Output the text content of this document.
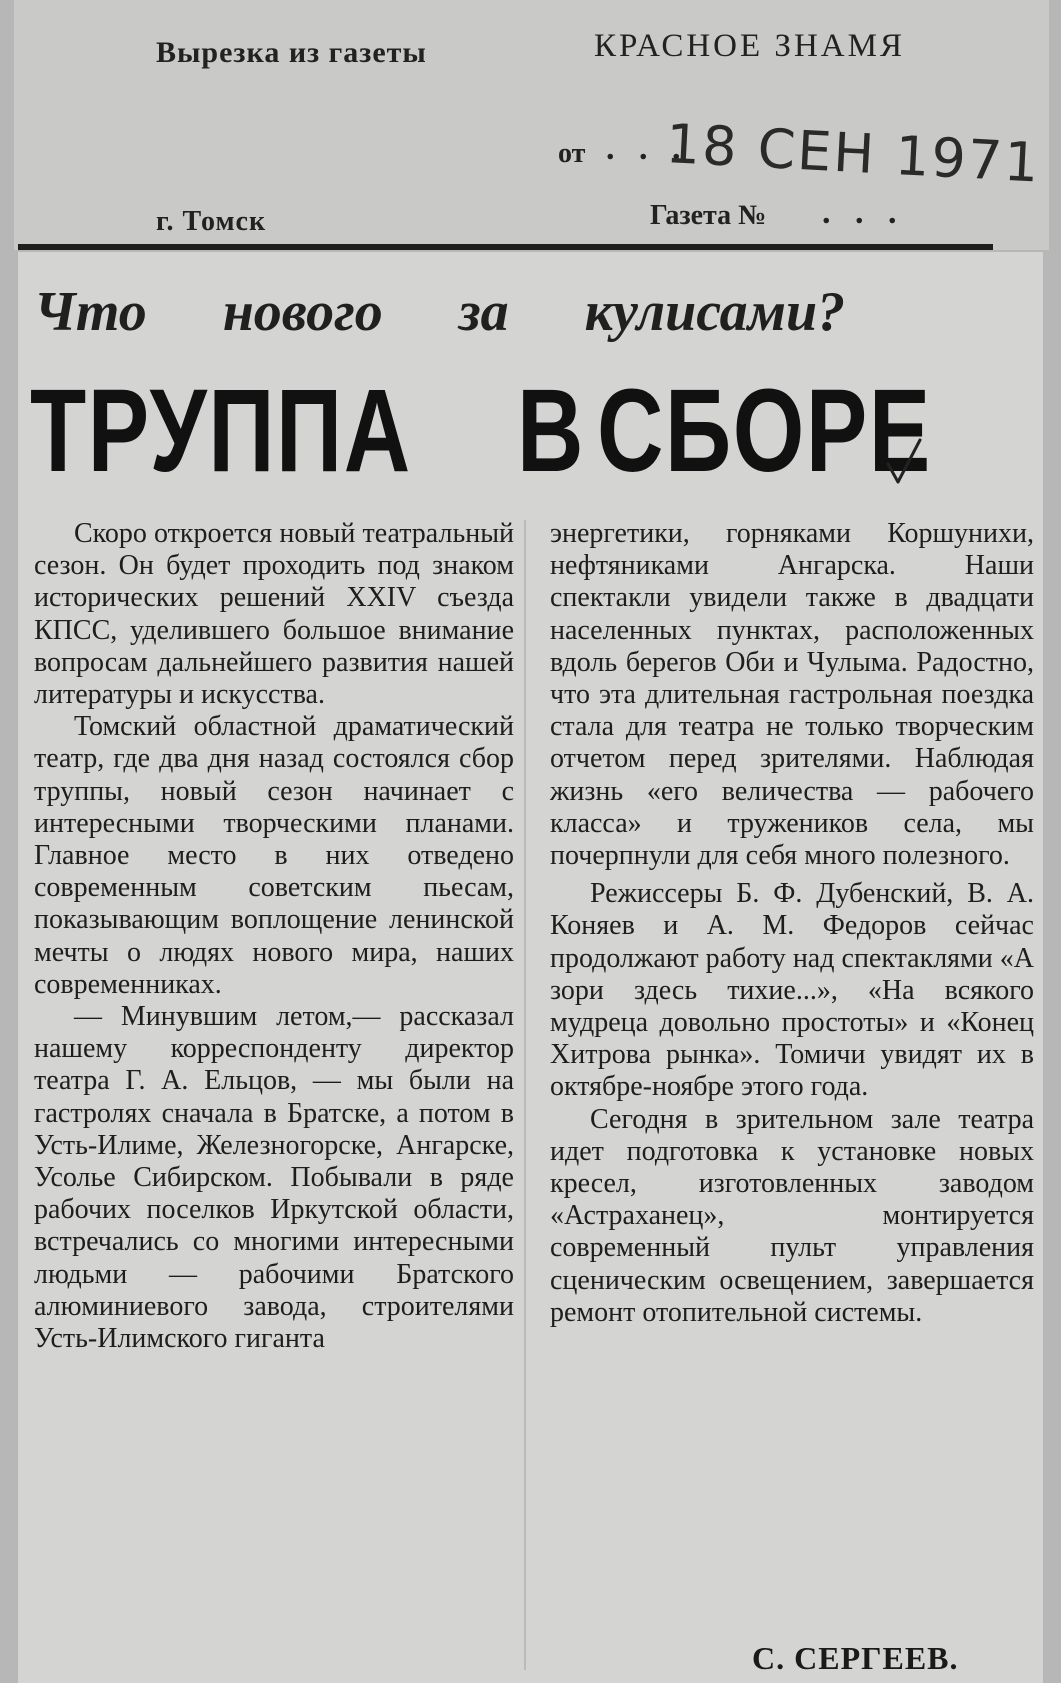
Вырезка из газеты	КРАСНОЕ ЗНАМЯ
от . . .
18 СЕН 1971
г. Томск	Газета № . . .
Что нового за кулисами?
ТРУППА ВСБОРЕ

Скоро откроется новый театральный сезон. Он будет проходить под знаком исторических решений XXIV съезда КПСС, уделившего большое внимание вопросам дальнейшего развития нашей литературы и искусства.

Томский областной драматический театр, где два дня назад состоялся сбор труппы, новый сезон начинает с интересными творческими планами. Главное место в них отведено современным советским пьесам, показывающим воплощение ленинской мечты о людях нового мира, наших современниках.

— Минувшим летом,— рассказал нашему корреспонденту директор театра Г. А. Ельцов, — мы были на гастролях сначала в Братске, а потом в Усть-Илиме, Железногорске, Ангарске, Усолье Сибирском. Побывали в ряде рабочих поселков Иркутской области, встречались со многими интересными людьми — рабочими Братского алюминиевого завода, строителями Усть-Илимского гиганта

энергетики, горняками Коршунихи, нефтяниками Ангарска. Наши спектакли увидели также в двадцати населенных пунктах, расположенных вдоль берегов Оби и Чулыма. Радостно, что эта длительная гастрольная поездка стала для театра не только творческим отчетом перед зрителями. Наблюдая жизнь «его величества — рабочего класса» и тружеников села, мы почерпнули для себя много полезного.

Режиссеры Б. Ф. Дубенский, В. А. Коняев и А. М. Федоров сейчас продолжают работу над спектаклями «А зори здесь тихие...», «На всякого мудреца довольно простоты» и «Конец Хитрова рынка». Томичи увидят их в октябре-ноябре этого года.

Сегодня в зрительном зале театра идет подготовка к установке новых кресел, изготовленных заводом «Астраханец», монтируется современный пульт управления сценическим освещением, завершается ремонт отопительной системы.

С. СЕРГЕЕВ.
